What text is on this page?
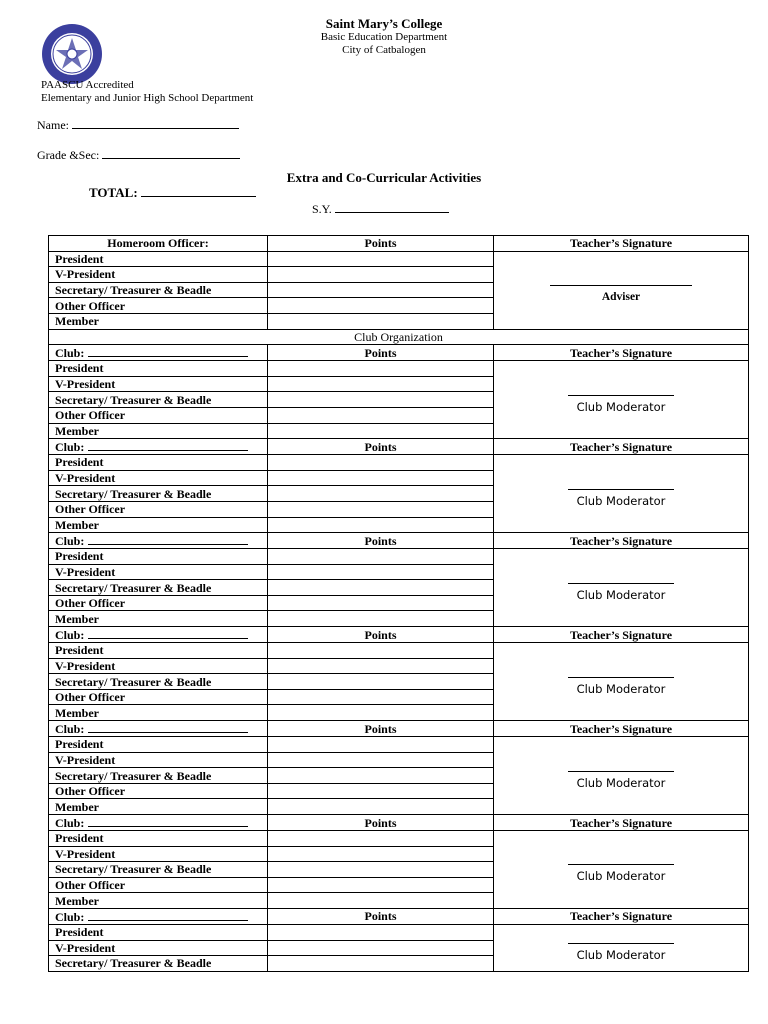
Saint Mary’s College
Basic Education Department
City of Catbalogen
PAASCU Accredited
Elementary and Junior High School Department
Name:
Grade &Sec:
Extra and Co-Curricular Activities
TOTAL:
S.Y.
Homeroom Officer:	Points	Teacher’s Signature
President		Adviser

V-President		
Secretary/ Treasurer & Beadle		
Other Officer		
Member		
Club Organization		
Club:	Points	Teacher’s Signature
President		Club Moderator

V-President		
Secretary/ Treasurer & Beadle		
Other Officer		
Member		
Club:	Points	Teacher’s Signature
President		Club Moderator

V-President		
Secretary/ Treasurer & Beadle		
Other Officer		
Member		
Club:	Points	Teacher’s Signature
President		Club Moderator

V-President		
Secretary/ Treasurer & Beadle		
Other Officer		
Member		
Club:	Points	Teacher’s Signature
President		Club Moderator

V-President		
Secretary/ Treasurer & Beadle		
Other Officer		
Member		
Club:	Points	Teacher’s Signature
President		Club Moderator

V-President		
Secretary/ Treasurer & Beadle		
Other Officer		
Member		
Club:	Points	Teacher’s Signature
President		Club Moderator

V-President		
Secretary/ Treasurer & Beadle		
Other Officer		
Member		
Club:	Points	Teacher’s Signature
President		Club Moderator

V-President		
Secretary/ Treasurer & Beadle		
